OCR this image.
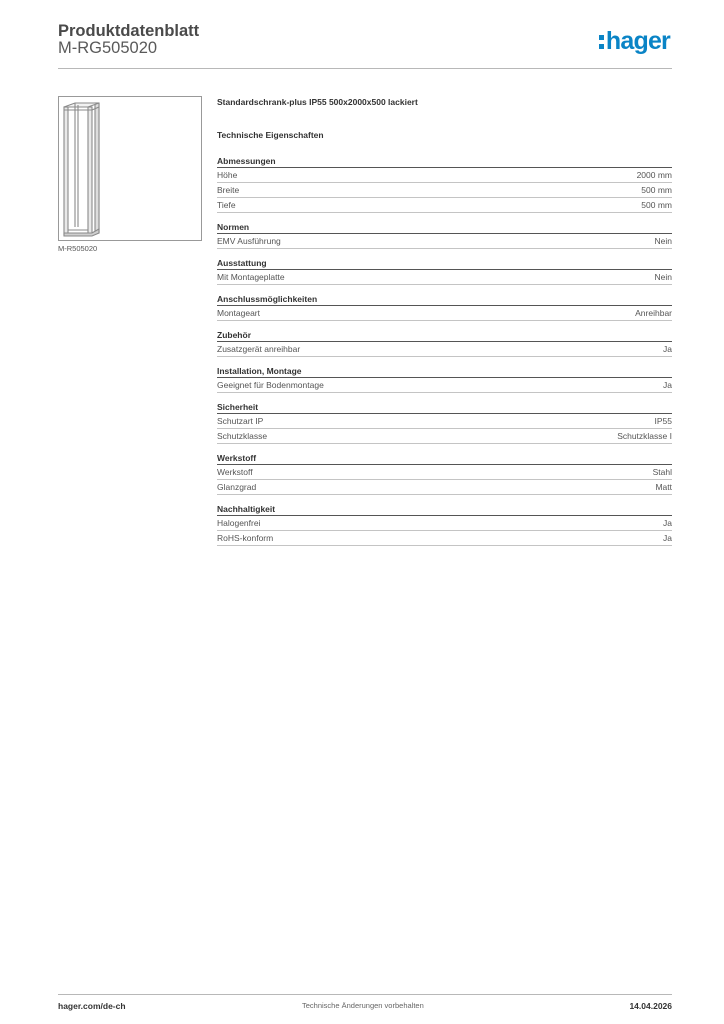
Produktdatenblatt
M-RG505020	hager
M-R505020
Standardschrank-plus IP55 500x2000x500 lackiert
Technische Eigenschaften
Abmessungen
Höhe	2000 mm
Breite	500 mm
Tiefe	500 mm
Normen
EMV Ausführung	Nein
Ausstattung
Mit Montageplatte	Nein
Anschlussmöglichkeiten
Montageart	Anreihbar
Zubehör
Zusatzgerät anreihbar	Ja
Installation, Montage
Geeignet für Bodenmontage	Ja
Sicherheit
Schutzart IP	IP55
Schutzklasse	Schutzklasse I
Werkstoff
Werkstoff	Stahl
Glanzgrad	Matt
Nachhaltigkeit
Halogenfrei	Ja
RoHS-konform	Ja
hager.com/de-ch	Technische Änderungen vorbehalten	14.04.2026
